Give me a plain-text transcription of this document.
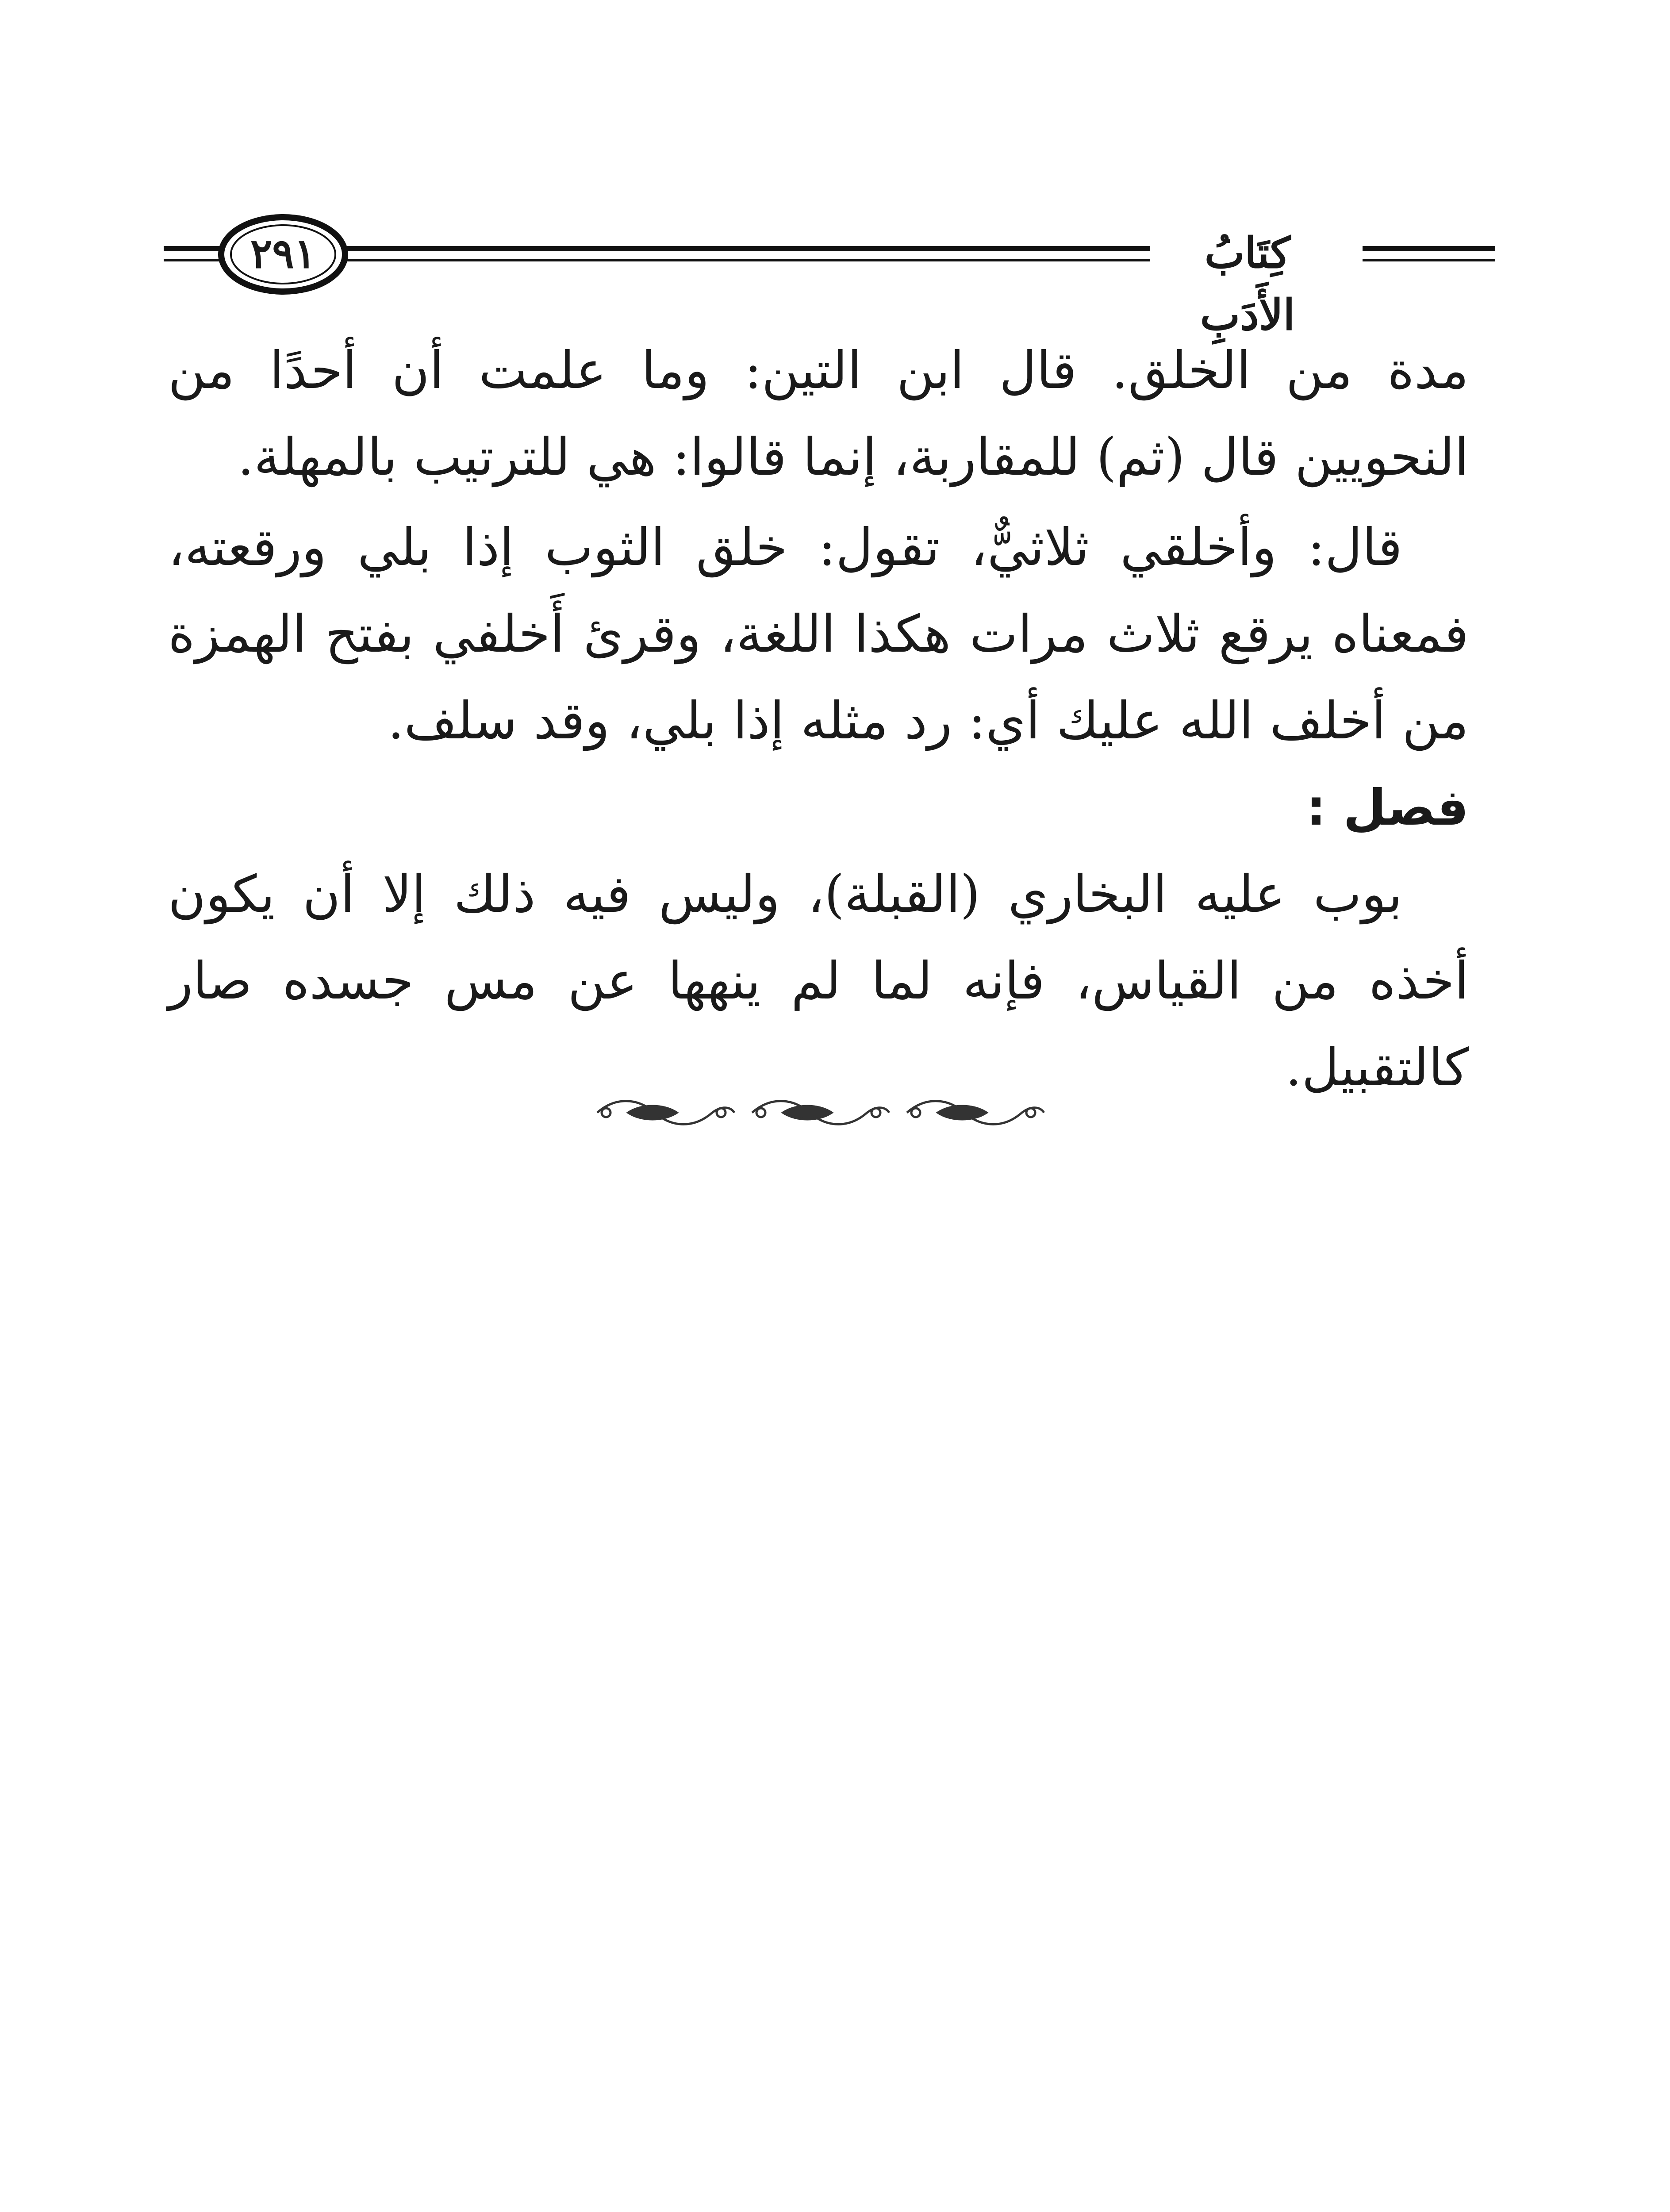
٢٩١	كِتَابُ الأَدَبِ

مدة من الخلق. قال ابن التين: وما علمت أن أحدًا من النحويين قال (ثم) للمقاربة، إنما قالوا: هي للترتيب بالمهلة.

قال: وأخلقي ثلاثيٌّ، تقول: خلق الثوب إذا بلي ورقعته، فمعناه يرقع ثلاث مرات هكذا اللغة، وقرئ أَخلفي بفتح الهمزة من أخلف الله عليك أي: رد مثله إذا بلي، وقد سلف.

فصل :

بوب عليه البخاري (القبلة)، وليس فيه ذلك إلا أن يكون أخذه من القياس، فإنه لما لم ينهها عن مس جسده صار كالتقبيل.
